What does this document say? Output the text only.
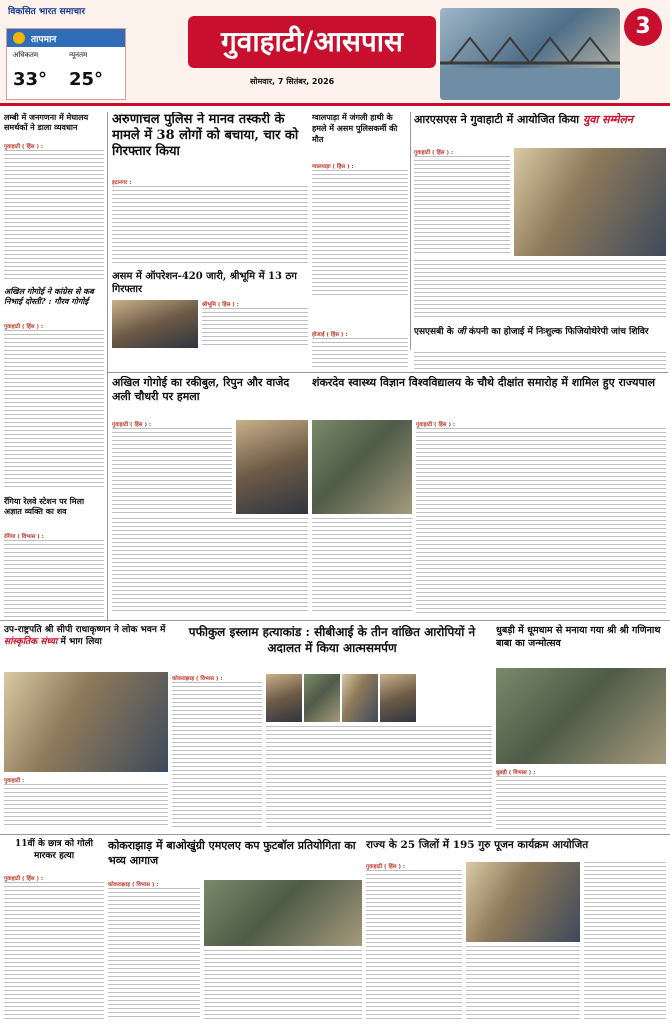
विकसित भारत समाचार
तापमान
अधिकतम	न्यूनतम
33°	25°
गुवाहाटी/आसपास
सोमवार, 7 सितंबर, 2026
3
लम्बी में जनगणना में मेघालय समर्थकों ने डाला व्यवधान
गुवाहाटी ( हिंस ) :
अखिल गोगोई ने कांग्रेस से कब निभाई दोस्ती? : गौरव गोगोई
गुवाहाटी ( हिंस ) :
रँगिया रेलवे स्टेशन पर मिला अज्ञात व्यक्ति का शव
रंगिया ( विभास ) :
अरुणाचल पुलिस ने मानव तस्करी के मामले में 38 लोगों को बचाया, चार को गिरफ्तार किया
इटानगर :
ग्वालपाड़ा में जंगली हाथी के हमले में असम पुलिसकर्मी की मौत
ग्वालपाड़ा ( हिंस ) :
असम में ऑपरेशन-420 जारी, श्रीभूमि में 13 ठग गिरफ्तार
श्रीभूमि ( हिंस ) :
आरएसएस ने गुवाहाटी में आयोजित किया युवा सम्मेलन
गुवाहाटी ( हिंस ) :
एसएसबी के जी कंपनी का होजाई में निःशुल्क फिजियोथेरेपी जांच शिविर
होजाई ( हिंस ) :
अखिल गोगोई का रकीबुल, रिपुन और वाजेद अली चौधरी पर हमला
गुवाहाटी ( हिंस ) :
शंकरदेव स्वास्थ्य विज्ञान विश्वविद्यालय के चौथे दीक्षांत समारोह में शामिल हुए राज्यपाल
गुवाहाटी ( हिंस ) :
उप-राष्ट्रपति श्री सीपी राधाकृष्णन ने लोक भवन में सांस्कृतिक संध्या में भाग लिया
गुवाहाटी :
पफीकुल इस्लाम हत्याकांड : सीबीआई के तीन वांछित आरोपियों ने अदालत में किया आत्मसमर्पण
कोकराझाड़ ( विभास ) :
धुबड़ी में धूमधाम से मनाया गया श्री श्री गणिनाथ बाबा का जन्मोत्सव
धुबड़ी ( विभास ) :
11वीं के छात्र को गोली मारकर हत्या
गुवाहाटी ( हिंस ) :
कोकराझाड़ में बाओखुंग्री एमएलए कप फुटबॉल प्रतियोगिता का भव्य आगाज
कोकराझाड़ ( विभास ) :
राज्य के 25 जिलों में 195 गुरु पूजन कार्यक्रम आयोजित
गुवाहाटी ( हिंस ) :
